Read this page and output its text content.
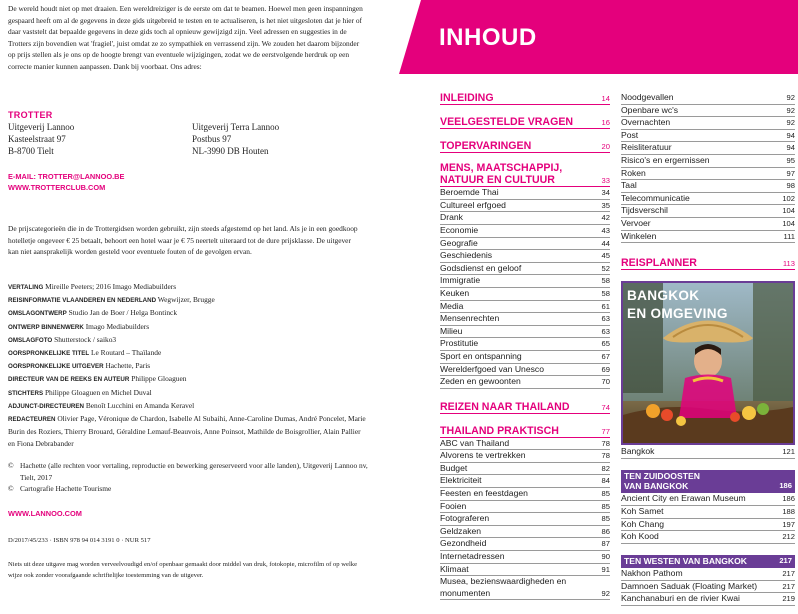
De wereld houdt niet op met draaien. Een wereldreiziger is de eerste om dat te beamen. Hoewel men geen inspanningen gespaard heeft om al de gegevens in deze gids uitgebreid te testen en te actualiseren, is het niet uitgesloten dat je hier of daar vaststelt dat bepaalde gegevens in deze gids toch al opnieuw gewijzigd zijn. Veel adressen en suggesties in de Trotters zijn bovendien wat 'fragiel', juist omdat ze zo sympathiek en verrassend zijn. We zouden het daarom bijzonder op prijs stellen als je ons op de hoogte brengt van eventuele wijzigingen, zodat we de eerstvolgende herdruk op een correcte manier kunnen aanpassen. Dank bij voorbaat. Ons adres:

TROTTER
Uitgeverij Lannoo
Kasteelstraat 97
B-8700 Tielt
Uitgeverij Terra Lannoo
Postbus 97
NL-3990 DB Houten
E-MAIL: TROTTER@LANNOO.BE
WWW.TROTTERCLUB.COM

De prijscategorieën die in de Trottergidsen worden gebruikt, zijn steeds afgestemd op het land. Als je in een goedkoop hotelletje ongeveer € 25 betaalt, behoort een hotel waar je € 75 neertelt uiteraard tot de dure prijsklasse. De uitgever kan niet aansprakelijk worden gesteld voor eventuele fouten of de gevolgen ervan.

VERTALING Mireille Peeters; 2016 Imago Mediabuilders
REISINFORMATIE VLAANDEREN EN NEDERLAND Wegwijzer, Brugge
OMSLAGONTWERP Studio Jan de Boer / Helga Bontinck
ONTWERP BINNENWERK Imago Mediabuilders
OMSLAGFOTO Shutterstock / saiko3
OORSPRONKELIJKE TITEL Le Routard – Thaïlande
OORSPRONKELIJKE UITGEVER Hachette, Paris
DIRECTEUR VAN DE REEKS EN AUTEUR Philippe Gloaguen
STICHTERS Philippe Gloaguen en Michel Duval
ADJUNCT-DIRECTEUREN Benoît Lucchini en Amanda Keravel
REDACTEUREN Olivier Page, Véronique de Chardon, Isabelle Al Subaihi, Anne-Caroline Dumas, André Poncelet, Marie Burin des Roziers, Thierry Brouard, Géraldine Lemauf-Beauvois, Anne Poinsot, Mathilde de Boisgrollier, Alain Pallier en Fiona Debrabander
© Hachette (alle rechten voor vertaling, reproductie en bewerking gereserveerd voor alle landen), Uitgeverij Lannoo nv, Tielt, 2017
© Cartografie Hachette Tourisme
WWW.LANNOO.COM
D/2017/45/233 · ISBN 978 94 014 3191 0 · NUR 517

Niets uit deze uitgave mag worden verveelvoudigd en/of openbaar gemaakt door middel van druk, fotokopie, microfilm of op welke wijze ook zonder voorafgaande schriftelijke toestemming van de uitgever.

INHOUD
INLEIDING	14
VEELGESTELDE VRAGEN	16
TOPERVARINGEN	20
MENS, MAATSCHAPPIJ,
NATUUR EN CULTUUR	33
Beroemde Thai	34
Cultureel erfgoed	35
Drank	42
Economie	43
Geografie	44
Geschiedenis	45
Godsdienst en geloof	52
Immigratie	58
Keuken	58
Media	61
Mensenrechten	63
Milieu	63
Prostitutie	65
Sport en ontspanning	67
Werelderfgoed van Unesco	69
Zeden en gewoonten	70
REIZEN NAAR THAILAND	74
THAILAND PRAKTISCH	77
ABC van Thailand	78
Alvorens te vertrekken	78
Budget	82
Elektriciteit	84
Feesten en feestdagen	85
Fooien	85
Fotograferen	85
Geldzaken	86
Gezondheid	87
Internetadressen	90
Klimaat	91
Musea, bezienswaardigheden en
monumenten	92
Noodgevallen	92
Openbare wc's	92
Overnachten	92
Post	94
Reisliteratuur	94
Risico's en ergernissen	95
Roken	97
Taal	98
Telecommunicatie	102
Tijdsverschil	104
Vervoer	104
Winkelen	111
REISPLANNER	113
BANGKOK
EN OMGEVING
Bangkok	121
TEN ZUIDOOSTEN
VAN BANGKOK	186
Ancient City en Erawan Museum	186
Koh Samet	188
Koh Chang	197
Koh Kood	212
TEN WESTEN VAN BANGKOK	217
Nakhon Pathom	217
Damnoen Saduak (Floating Market)	217
Kanchanaburi en de rivier Kwai	219
